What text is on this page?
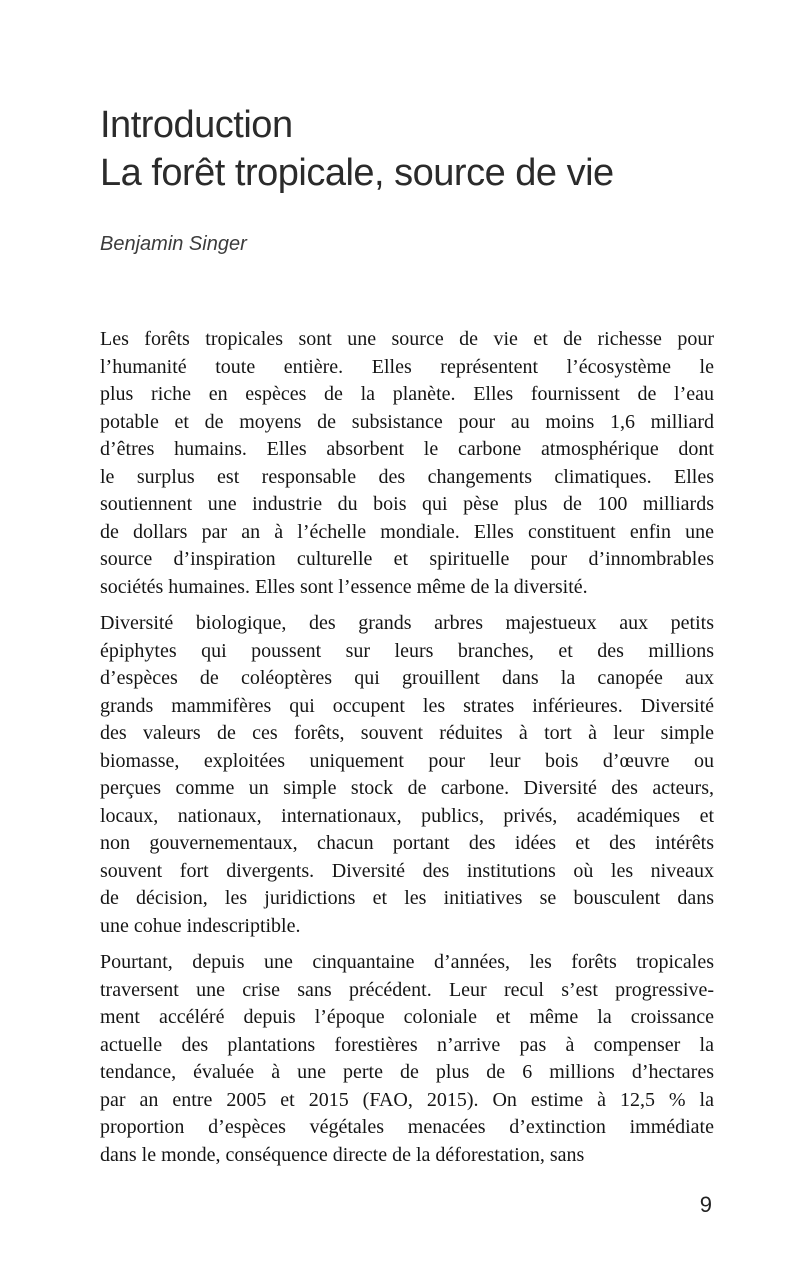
Introduction
La forêt tropicale, source de vie
Benjamin Singer
Les forêts tropicales sont une source de vie et de richesse pour
l’humanité toute entière. Elles représentent l’écosystème le
plus riche en espèces de la planète. Elles fournissent de l’eau
potable et de moyens de subsistance pour au moins 1,6 milliard
d’êtres humains. Elles absorbent le carbone atmosphérique dont
le surplus est responsable des changements climatiques. Elles
soutiennent une industrie du bois qui pèse plus de 100 milliards
de dollars par an à l’échelle mondiale. Elles constituent enfin une
source d’inspiration culturelle et spirituelle pour d’innombrables
sociétés humaines. Elles sont l’essence même de la diversité.
Diversité biologique, des grands arbres majestueux aux petits
épiphytes qui poussent sur leurs branches, et des millions
d’espèces de coléoptères qui grouillent dans la canopée aux
grands mammifères qui occupent les strates inférieures. Diversité
des valeurs de ces forêts, souvent réduites à tort à leur simple
biomasse, exploitées uniquement pour leur bois d’œuvre ou
perçues comme un simple stock de carbone. Diversité des acteurs,
locaux, nationaux, internationaux, publics, privés, académiques et
non gouvernementaux, chacun portant des idées et des intérêts
souvent fort divergents. Diversité des institutions où les niveaux
de décision, les juridictions et les initiatives se bousculent dans
une cohue indescriptible.
Pourtant, depuis une cinquantaine d’années, les forêts tropicales
traversent une crise sans précédent. Leur recul s’est progressive-
ment accéléré depuis l’époque coloniale et même la croissance
actuelle des plantations forestières n’arrive pas à compenser la
tendance, évaluée à une perte de plus de 6 millions d’hectares
par an entre 2005 et 2015 (FAO, 2015). On estime à 12,5 % la
proportion d’espèces végétales menacées d’extinction immédiate
dans le monde, conséquence directe de la déforestation, sans
9
